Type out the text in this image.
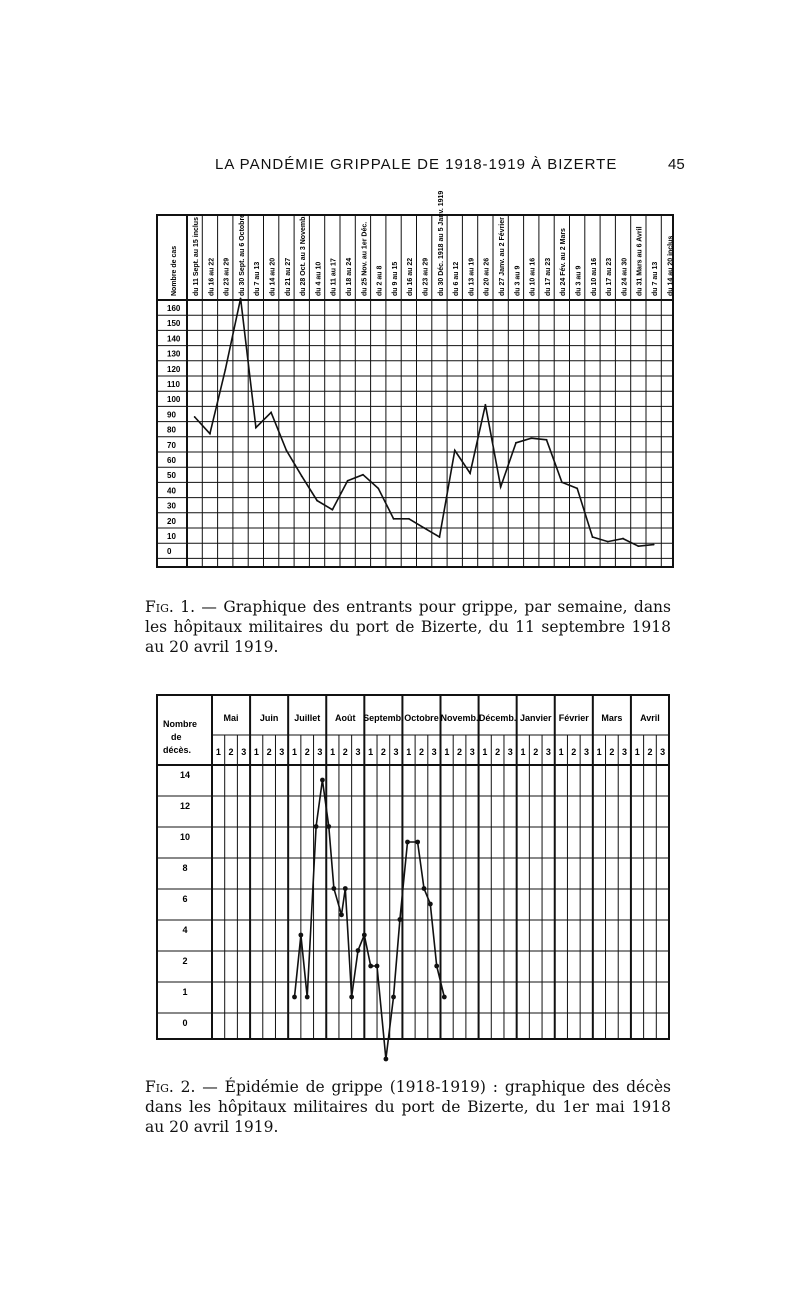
LA PANDÉMIE GRIPPALE DE 1918-1919 À BIZERTE	45
Nombre de cas du 11 Sept. au 15 inclus du 16 au 22 du 23 au 29 du 30 Sept. au 6 Octobre du 7 au 13 du 14 au 20 du 21 au 27 du 28 Oct. au 3 Novemb. du 4 au 10 du 11 au 17 du 18 au 24 du 25 Nov. au 1er Déc. du 2 au 8 du 9 au 15 du 16 au 22 du 23 au 29 du 30 Déc. 1918 au 5 Janv. 1919 du 6 au 12 du 13 au 19 du 20 au 26 du 27 Janv. au 2 Février du 3 au 9 du 10 au 16 du 17 au 23 du 24 Fév. au 2 Mars du 3 au 9 du 10 au 16 du 17 au 23 du 24 au 30 du 31 Mars au 6 Avril du 7 au 13 du 14 au 20 inclus
160
150
140
130
120
110
100
90
80
70
60
50
40
30
20
10
0
Fig. 1. — Graphique des entrants pour grippe, par semaine, dans les hôpitaux militaires du port de Bizerte, du 11 septembre 1918 au 20 avril 1919.
Nombre
de
décès.
Mai Juin Juillet Août Septemb. Octobre Novemb. Décemb. Janvier Février Mars Avril
1 2 3 1 2 3 1 2 3 1 2 3 1 2 3 1 2 3 1 2 3 1 2 3 1 2 3 1 2 3 1 2 3 1 2 3
14
12
10
8
6
4
2
1
0
Fig. 2. — Épidémie de grippe (1918-1919) : graphique des décès dans les hôpitaux militaires du port de Bizerte, du 1er mai 1918 au 20 avril 1919.
